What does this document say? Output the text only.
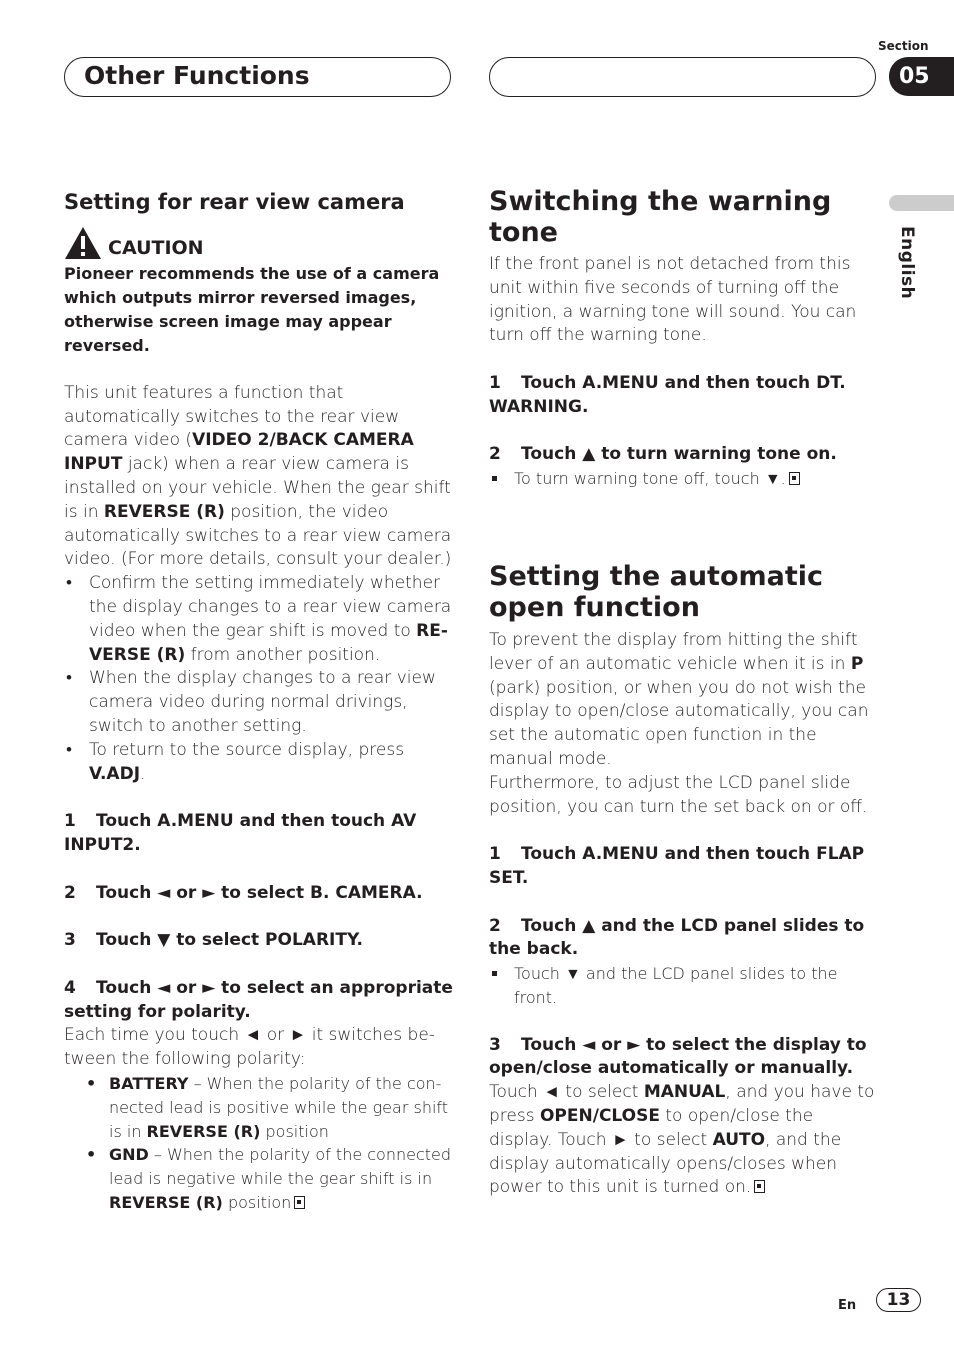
Other Functions
Section
05
English
Setting for rear view camera
CAUTION
Pioneer recommends the use of a camera which outputs mirror reversed images, otherwise screen image may appear reversed.
This unit features a function that automatically switches to the rear view camera video (VIDEO 2/BACK CAMERA INPUT jack) when a rear view camera is installed on your vehicle. When the gear shift is in REVERSE (R) position, the video automatically switches to a rear view camera video. (For more details, consult your dealer.)
• Confirm the setting immediately whether the display changes to a rear view camera video when the gear shift is moved to REVERSE (R) from another position.
• When the display changes to a rear view camera video during normal drivings, switch to another setting.
• To return to the source display, press V.ADJ.
1 Touch A.MENU and then touch AV INPUT2.
2 Touch ◄ or ► to select B. CAMERA.
3 Touch ▼ to select POLARITY.
4 Touch ◄ or ► to select an appropriate setting for polarity.
Each time you touch ◄ or ► it switches between the following polarity:
• BATTERY – When the polarity of the connected lead is positive while the gear shift is in REVERSE (R) position
• GND – When the polarity of the connected lead is negative while the gear shift is in REVERSE (R) position
Switching the warning tone
If the front panel is not detached from this unit within five seconds of turning off the ignition, a warning tone will sound. You can turn off the warning tone.
1 Touch A.MENU and then touch DT. WARNING.
2 Touch ▲ to turn warning tone on.
To turn warning tone off, touch ▼.
Setting the automatic open function
To prevent the display from hitting the shift lever of an automatic vehicle when it is in P (park) position, or when you do not wish the display to open/close automatically, you can set the automatic open function in the manual mode.
Furthermore, to adjust the LCD panel slide position, you can turn the set back on or off.
1 Touch A.MENU and then touch FLAP SET.
2 Touch ▲ and the LCD panel slides to the back.
Touch ▼ and the LCD panel slides to the front.
3 Touch ◄ or ► to select the display to open/close automatically or manually.
Touch ◄ to select MANUAL, and you have to press OPEN/CLOSE to open/close the display. Touch ► to select AUTO, and the display automatically opens/closes when power to this unit is turned on.
En	13
